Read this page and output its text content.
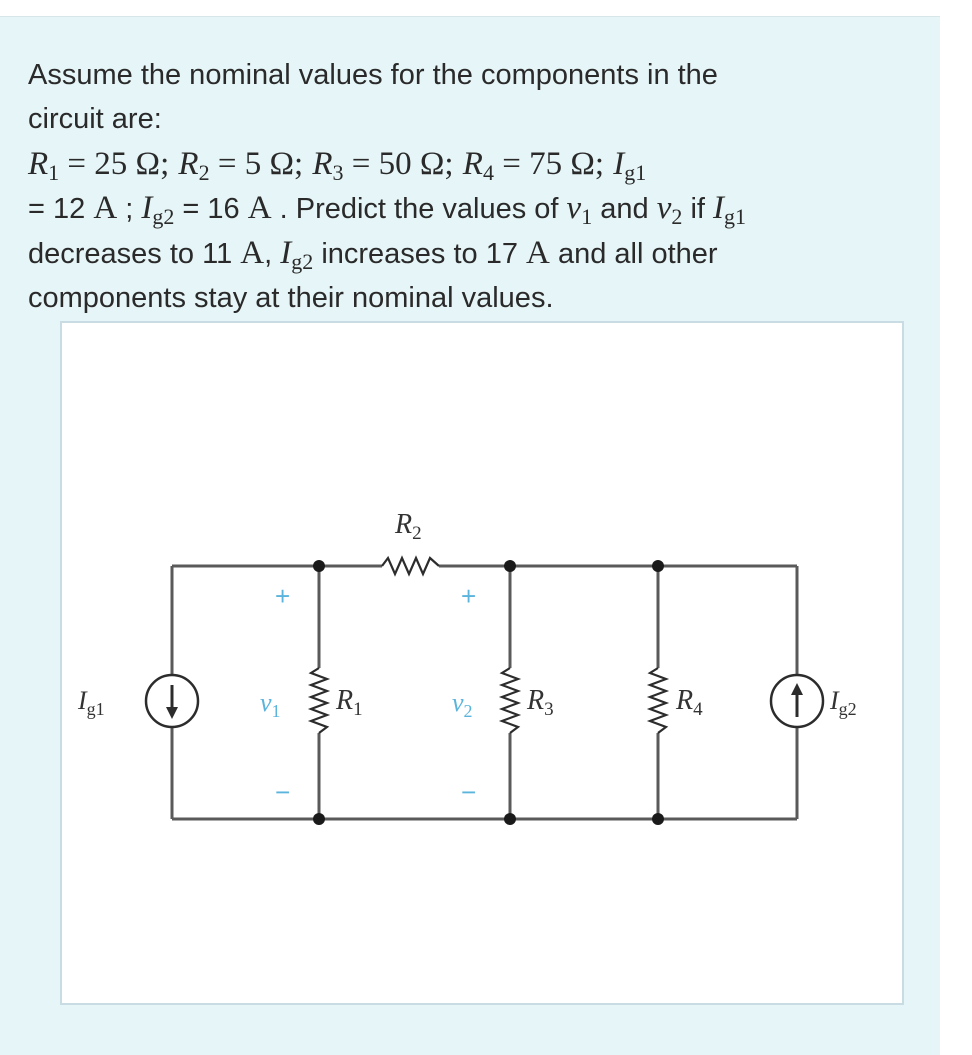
Assume the nominal values for the components in the
circuit are:
$R_1 = 25$ Ω; $R_2 = 5$ Ω; $R_3 = 50$ Ω; $R_4 = 75$ Ω; $I_{g1}$
= 12 A ; $I_{g2} = 16$ A . Predict the values of $v_1$ and $v_2$ if $I_{g1}$
decreases to 11 A, $I_{g2}$ increases to 17 A and all other
components stay at their nominal values.
$R_2$
$R_1$	$R_3$	$R_4$
$I_{g1}$	$I_{g2}$
$v_1$	$v_2$
+
−
+
−
